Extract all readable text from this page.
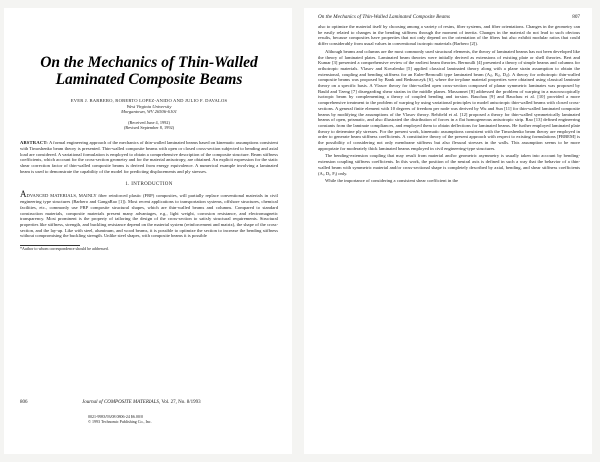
On the Mechanics of Thin-Walled Laminated Composite Beams
EVER J. BARBERO, ROBERTO LOPEZ-ANIDO AND JULIO F. DAVALOS
West Virginia University
Morgantown, WV 26506-6101
(Received June 4, 1992)
(Revised September 8, 1992)
ABSTRACT: A formal engineering approach of the mechanics of thin-walled laminated beams based on kinematic assumptions consistent with Timoshenko beam theory is presented. Thin-walled composite beams with open or closed cross-section subjected to bending and axial load are considered. A variational formulation is employed to obtain a comprehensive description of the composite structure. Beam stiffness coefficients, which account for the cross-section geometry and for the material anisotropy, are obtained. An explicit expression for the static shear correction factor of thin-walled composite beams is derived from energy equivalence. A numerical example involving a laminated beam is used to demonstrate the capability of the model for predicting displacements and ply stresses.
1. INTRODUCTION
ADVANCED MATERIALS, MAINLY fiber reinforced plastic (FRP) composites, will partially replace conventional materials in civil engineering type structures (Barbero and GangaRao [1]). Most recent applications to transportation systems, offshore structures, chemical facilities, etc., commonly use FRP composite structural shapes, which are thin-walled beams and columns. Compared to standard construction materials, composite materials present many advantages, e.g., light weight, corrosion resistance, and electromagnetic transparency. Most prominent is the property of tailoring the design of the cross-section to satisfy structural requirements. Structural properties like stiffness, strength, and buckling resistance depend on the material system (reinforcement and matrix), the shape of the cross-section, and the lay-up. Like with steel, aluminum, and wood beams, it is possible to optimize the section to increase the bending stiffness without compromising the buckling strength. Unlike steel shapes, with composite beams it is possible
*Author to whom correspondence should be addressed.
806	Journal of COMPOSITE MATERIALS, Vol. 27, No. 8/1993
0021-9983/93/08 0806-24 $6.00/0
© 1993 Technomic Publishing Co., Inc.
On the Mechanics of Thin-Walled Laminated Composite Beams	807
also to optimize the material itself by choosing among a variety of resins, fiber systems, and fiber orientations. Changes in the geometry can be easily related to changes in the bending stiffness through the moment of inertia. Changes in the material do not lead to such obvious results, because composites have properties that not only depend on the orientation of the fibers but also exhibit modular ratios that could differ considerably from usual values in conventional isotropic materials (Barbero [2]).
Although beams and columns are the most commonly used structural elements, the theory of laminated beams has not been developed like the theory of laminated plates. Laminated beam theories were initially derived as extensions of existing plate or shell theories. Bert and Kumar [3] presented a comprehensive review of the earliest beam theories. Bernoulli [4] presented a theory of simple beams and columns for orthotropic materials. Vlasov and Kovalenko [5] applied classical laminated theory along with a plane strain assumption to obtain the extensional, coupling and bending stiffness for an Euler-Bernoulli type laminated beam (Aᵢⱼ, Bᵢⱼ, Dᵢⱼ). A theory for orthotropic thin-walled composite beams was proposed by Bank and Bednarczyk [6], where the in-plane material properties were obtained using classical laminate theory on a specific basis. A Vlasov theory for thin-walled open cross-section composed of planar symmetric laminates was proposed by Bauld and Tzeng [7] disregarding shear strains in the middle planes. Massonnet [8] addressed the problem of warping in a macroscopically isotropic beam by complementing a theory of coupled bending and torsion. Bauchau [9] and Bauchau et al. [10] provided a more comprehensive treatment to the problem of warping by using variational principles to model anisotropic thin-walled beams with closed cross-sections. A general finite element with 10 degrees of freedom per node was derived by Wu and Sun [11] for thin-walled laminated composite beams by modifying the assumptions of the Vlasov theory. Rehfield et al. [12] proposed a theory for thin-walled symmetrically laminated beams of open, prismatic, and also illustrated the distribution of forces in a flat homogeneous anisotropic strip. Rao [13] defined engineering constants from the laminate compliances, and employed them to obtain deflections for laminated beams. He further employed laminated plate theory to determine ply stresses. For the present work, kinematic assumptions consistent with the Timoshenko beam theory are employed in order to generate beam stiffness coefficients. A constitutive theory of the present approach with respect to existing formulations [FRBEM] is the possibility of considering not only membrane stiffness but also flexural stresses in the walls. This assumption seems to be more appropriate for moderately thick laminated beams employed in civil engineering-type structures.
The bending-extension coupling that may result from material and/or geometric asymmetry is usually taken into account by bending-extension coupling stiffness coefficients. In this work, the position of the neutral axis is defined in such a way that the behavior of a thin-walled beam with symmetric material and/or cross-sectional shape is completely described by axial, bending, and shear stiffness coefficients (Aᵢ, Dᵢ, Fᵢ) only.
While the importance of considering a consistent shear coefficient in the
